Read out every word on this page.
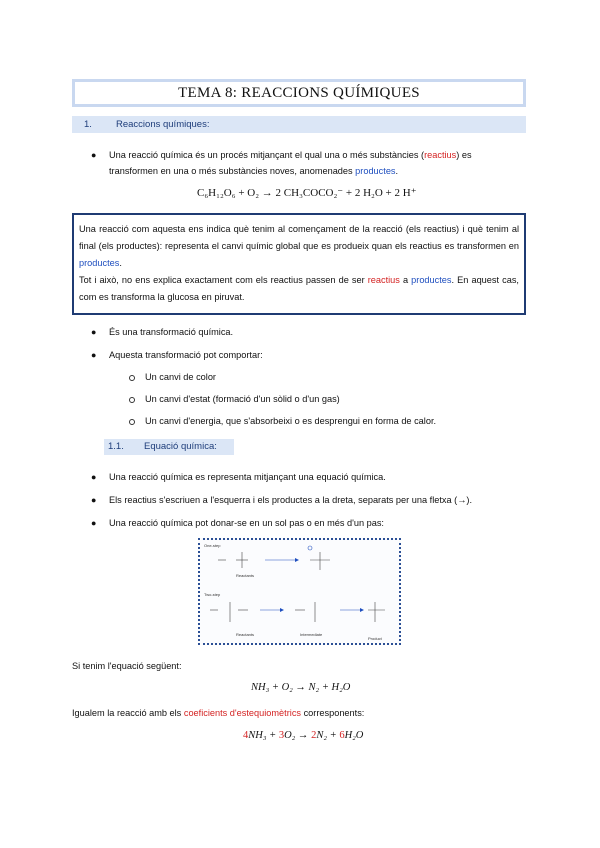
TEMA 8: REACCIONS QUÍMIQUES
1.	Reaccions químiques:
● Una reacció química és un procés mitjançant el qual una o més substàncies (reactius) es
transformen en una o més substàncies noves, anomenades productes.
C₆H₁₂O₆ + O₂ → 2 CH₃COCO₂⁻ + 2 H₂O + 2 H⁺

Una reacció com aquesta ens indica què tenim al començament de la reacció (els reactius) i què tenim al final (els productes): representa el canvi químic global que es produeix quan els reactius es transformen en productes.

Tot i això, no ens explica exactament com els reactius passen de ser reactius a productes. En aquest cas, com es transforma la glucosa en piruvat.

● És una transformació química.
● Aquesta transformació pot comportar:
Un canvi de color
Un canvi d'estat (formació d'un sòlid o d'un gas)
Un canvi d'energia, que s'absorbeixi o es desprengui en forma de calor.
1.1. Equació química:
● Una reacció química es representa mitjançant una equació química.
● Els reactius s'escriuen a l'esquerra i els productes a la dreta, separats per una fletxa (→).
● Una reacció química pot donar-se en un sol pas o en més d'un pas:
One-step
Two-step
Reactants
Reactants	Intermediate
Product
Si tenim l'equació següent:
NH₃ + O₂ → N₂ + H₂O
Igualem la reacció amb els coeficients d'estequiomètrics corresponents:
4NH₃ + 3O₂ → 2N₂ + 6H₂O
